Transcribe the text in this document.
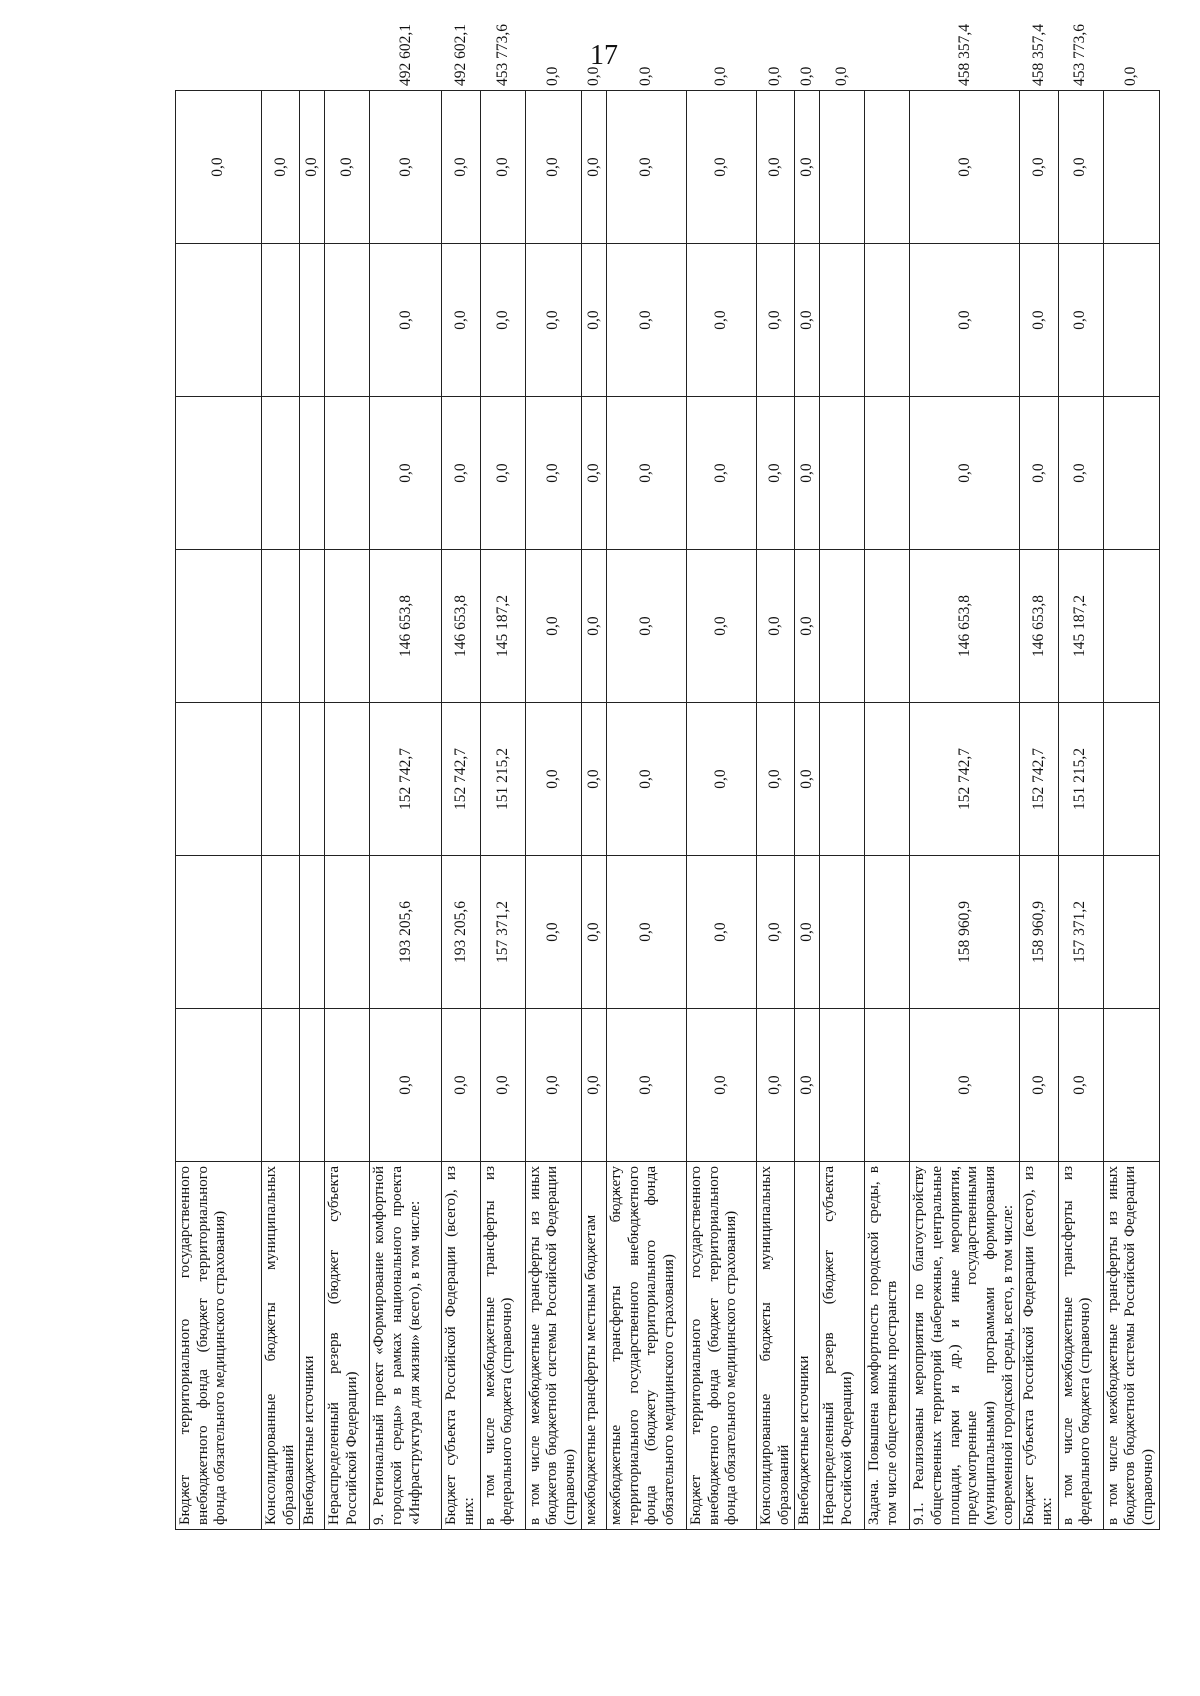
17
Бюджет территориального государственного внебюджетного фонда (бюджет территориального фонда обязательного медицинского страхования)							0,0	
Консолидированные бюджеты муниципальных образований							0,0	
Внебюджетные источники							0,0	
Нераспределенный резерв (бюджет субъекта Российской Федерации)							0,0	
9. Региональный проект «Формирование комфортной городской среды» в рамках национального проекта «Инфраструктура для жизни» (всего), в том числе:	0,0	193 205,6	152 742,7	146 653,8	0,0	0,0	0,0	492 602,1
Бюджет субъекта Российской Федерации (всего), из них:	0,0	193 205,6	152 742,7	146 653,8	0,0	0,0	0,0	492 602,1
в том числе межбюджетные трансферты из федерального бюджета (справочно)	0,0	157 371,2	151 215,2	145 187,2	0,0	0,0	0,0	453 773,6
в том числе межбюджетные трансферты из иных бюджетов бюджетной системы Российской Федерации (справочно)	0,0	0,0	0,0	0,0	0,0	0,0	0,0	0,0
межбюджетные трансферты местным бюджетам	0,0	0,0	0,0	0,0	0,0	0,0	0,0	0,0
межбюджетные трансферты бюджету территориального государственного внебюджетного фонда (бюджету территориального фонда обязательного медицинского страхования)	0,0	0,0	0,0	0,0	0,0	0,0	0,0	0,0
Бюджет территориального государственного внебюджетного фонда (бюджет территориального фонда обязательного медицинского страхования)	0,0	0,0	0,0	0,0	0,0	0,0	0,0	0,0
Консолидированные бюджеты муниципальных образований	0,0	0,0	0,0	0,0	0,0	0,0	0,0	0,0
Внебюджетные источники	0,0	0,0	0,0	0,0	0,0	0,0	0,0	0,0
Нераспределенный резерв (бюджет субъекта Российской Федерации)								0,0
Задача. Повышена комфортность городской среды, в том числе общественных пространств								
9.1. Реализованы мероприятия по благоустройству общественных территорий (набережные, центральные площади, парки и др.) и иные мероприятия, предусмотренные государственными (муниципальными) программами формирования современной городской среды, всего, в том числе:	0,0	158 960,9	152 742,7	146 653,8	0,0	0,0	0,0	458 357,4
Бюджет субъекта Российской Федерации (всего), из них:	0,0	158 960,9	152 742,7	146 653,8	0,0	0,0	0,0	458 357,4
в том числе межбюджетные трансферты из федерального бюджета (справочно)	0,0	157 371,2	151 215,2	145 187,2	0,0	0,0	0,0	453 773,6
в том числе межбюджетные трансферты из иных бюджетов бюджетной системы Российской Федерации (справочно)								0,0
